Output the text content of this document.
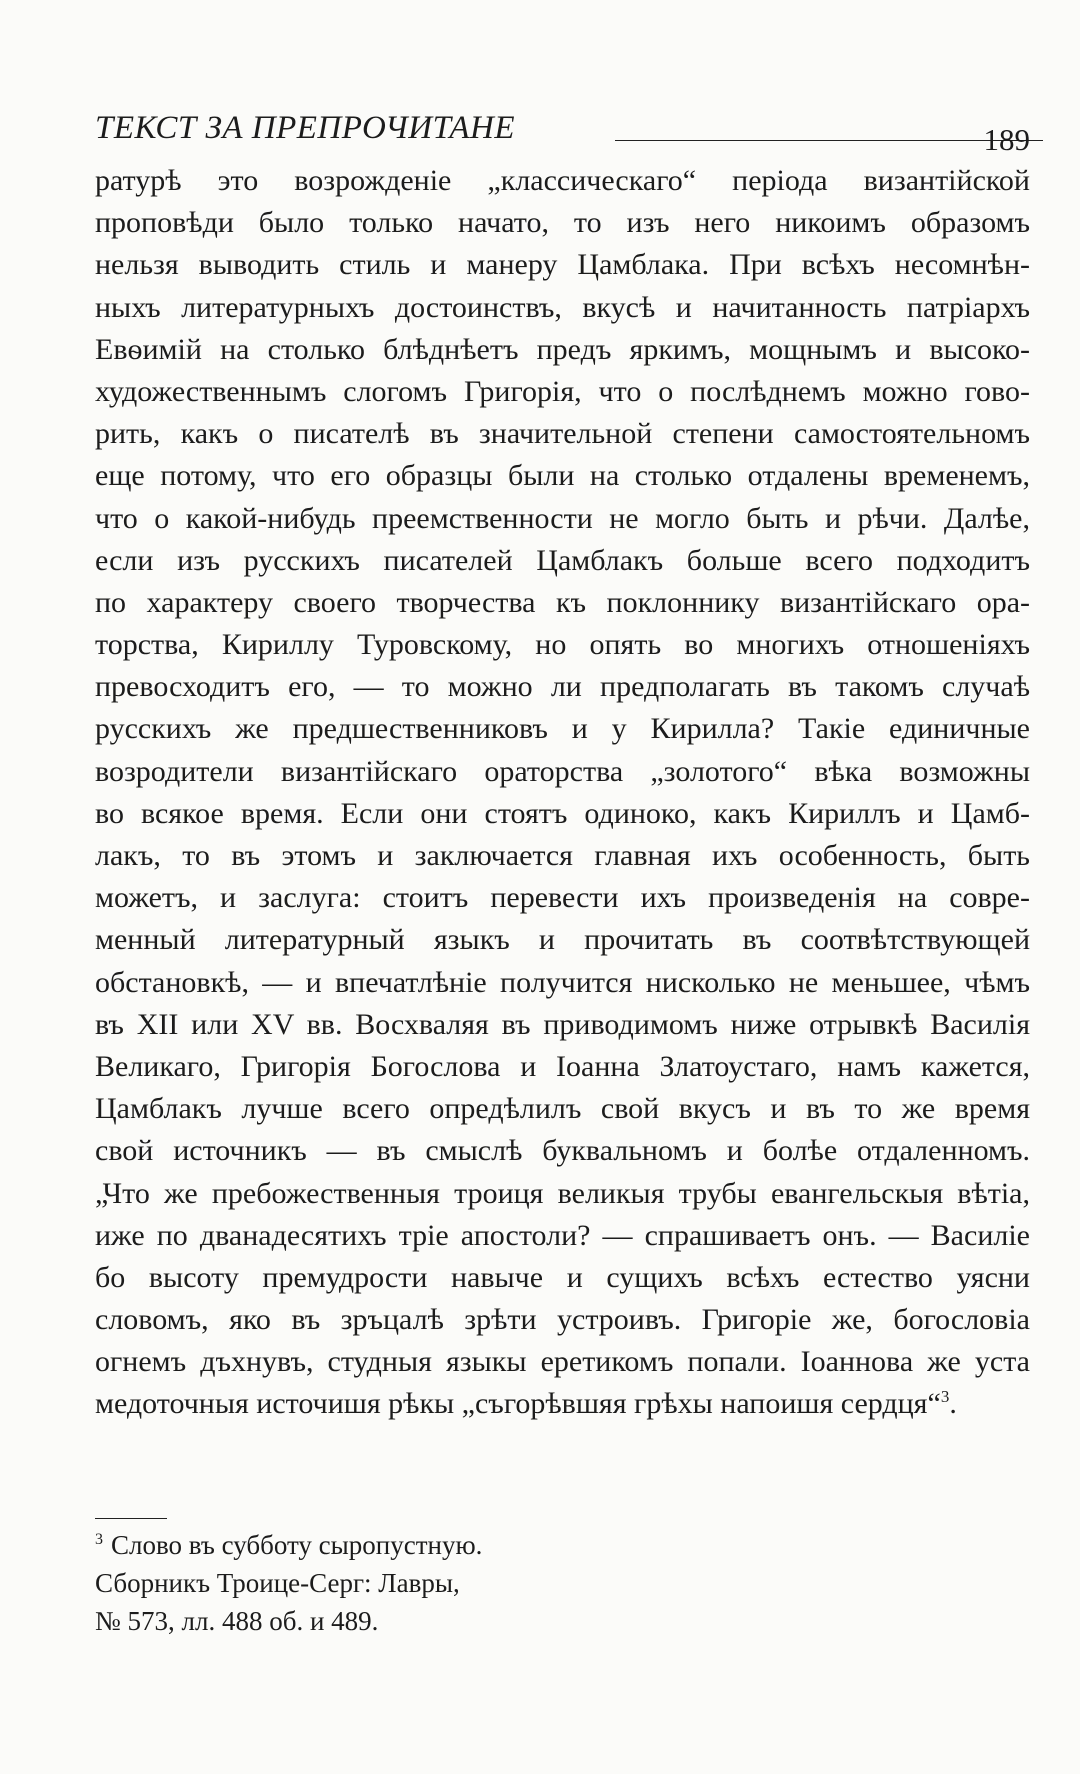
ТЕКСТ ЗА ПРЕПРОЧИТАНЕ	189
ратурѣ это возрожденіе „классическаго“ періода византійской
проповѣди было только начато, то изъ него никоимъ образомъ
нельзя выводить стиль и манеру Цамблака. При всѣхъ несомнѣн-
ныхъ литературныхъ достоинствъ, вкусѣ и начитанность патріархъ
Евѳимій на столько блѣднѣетъ предъ яркимъ, мощнымъ и высоко-
художественнымъ слогомъ Григорія, что о послѣднемъ можно гово-
рить, какъ о писателѣ въ значительной степени самостоятельномъ
еще потому, что его образцы были на столько отдалены временемъ,
что о какой-нибудь преемственности не могло быть и рѣчи. Далѣе,
если изъ русскихъ писателей Цамблакъ больше всего подходитъ
по характеру своего творчества къ поклоннику византійскаго ора-
торства, Кириллу Туровскому, но опять во многихъ отношеніяхъ
превосходитъ его, — то можно ли предполагать въ такомъ случаѣ
русскихъ же предшественниковъ и у Кирилла? Такіе единичные
возродители византійскаго ораторства „золотого“ вѣка возможны
во всякое время. Если они стоятъ одиноко, какъ Кириллъ и Цамб-
лакъ, то въ этомъ и заключается главная ихъ особенность, быть
можетъ, и заслуга: стоитъ перевести ихъ произведенія на совре-
менный литературный языкъ и прочитать въ соотвѣтствующей
обстановкѣ, — и впечатлѣніе получится нисколько не меньшее, чѣмъ
въ XII или XV вв. Восхваляя въ приводимомъ ниже отрывкѣ Василія
Великаго, Григорія Богослова и Іоанна Златоустаго, намъ кажется,
Цамблакъ лучше всего опредѣлилъ свой вкусъ и въ то же время
свой источникъ — въ смыслѣ буквальномъ и болѣе отдаленномъ.
„Что же пребожественныя троиця великыя трубы евангельскыя вѣтіа,
иже по дванадесятихъ тріе апостоли? — спрашиваетъ онъ. — Василіе
бо высоту премудрости навыче и сущихъ всѣхъ естество уясни
словомъ, яко въ зръцалѣ зрѣти устроивъ. Григоріе же, богословіа
огнемъ дъхнувъ, студныя языкы еретикомъ попали. Іоаннова же уста
медоточныя источишя рѣкы „съгорѣвшяя грѣхы напоишя сердця“$^3$.
$^3$ Слово въ субботу сыропустную.
Сборникъ Троице-Серг: Лавры,
№ 573, лл. 488 об. и 489.
